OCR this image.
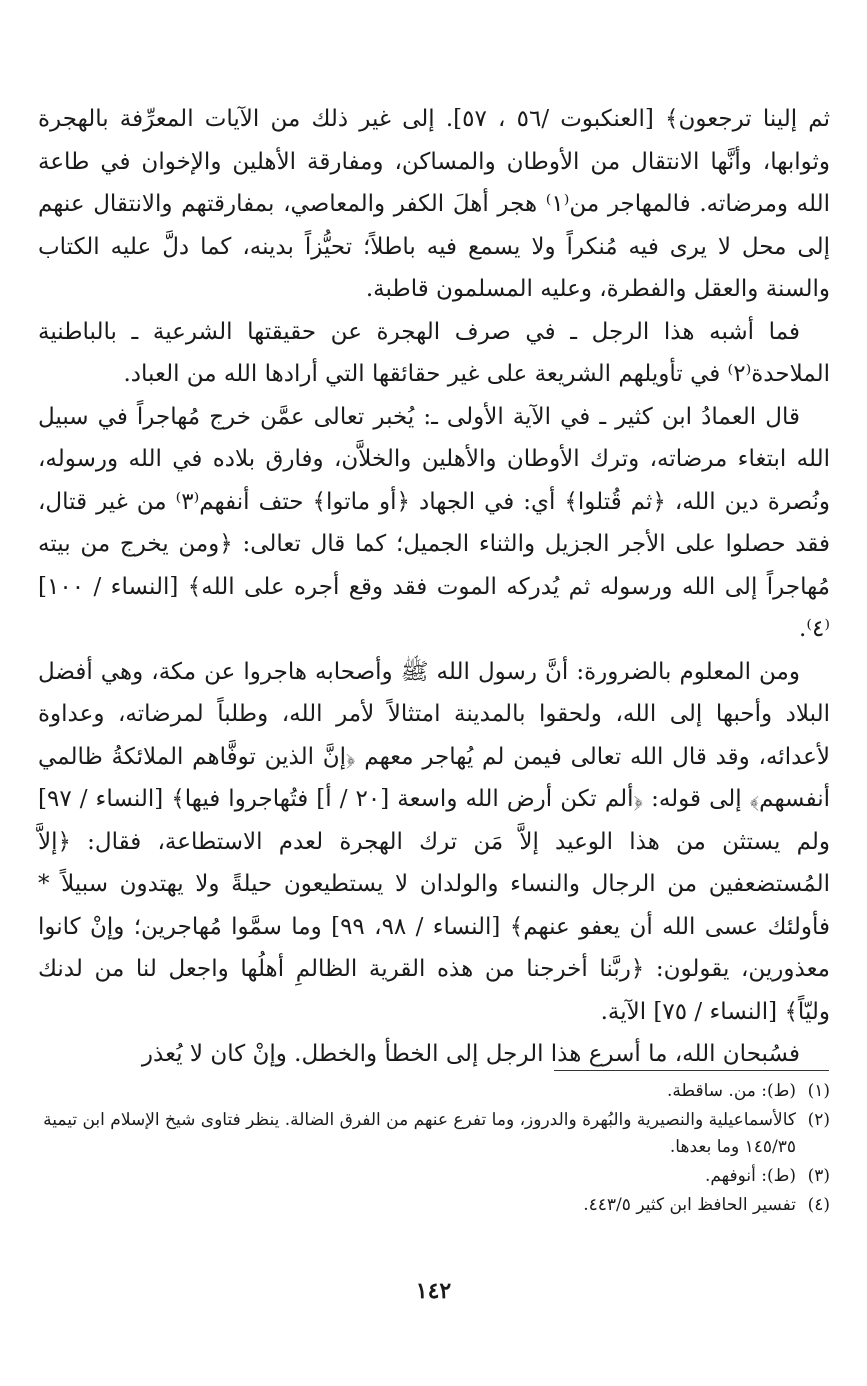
ثم إلينا ترجعون﴾ [العنكبوت /٥٦ ، ٥٧]. إلى غير ذلك من الآيات المعرِّفة بالهجرة وثوابها، وأنَّها الانتقال من الأوطان والمساكن، ومفارقة الأهلين والإخوان في طاعة الله ومرضاته. فالمهاجر من⁽١⁾ هجر أهلَ الكفر والمعاصي، بمفارقتهم والانتقال عنهم إلى محل لا يرى فيه مُنكراً ولا يسمع فيه باطلاً؛ تحيُّزاً بدينه، كما دلَّ عليه الكتاب والسنة والعقل والفطرة، وعليه المسلمون قاطبة.

فما أشبه هذا الرجل ـ في صرف الهجرة عن حقيقتها الشرعية ـ بالباطنية الملاحدة⁽٢⁾ في تأويلهم الشريعة على غير حقائقها التي أرادها الله من العباد.

قال العمادُ ابن كثير ـ في الآية الأولى ـ: يُخبر تعالى عمَّن خرج مُهاجراً في سبيل الله ابتغاء مرضاته، وترك الأوطان والأهلين والخلاَّن، وفارق بلاده في الله ورسوله، ونُصرة دين الله، ﴿ثم قُتلوا﴾ أي: في الجهاد ﴿أو ماتوا﴾ حتف أنفهم⁽٣⁾ من غير قتال، فقد حصلوا على الأجر الجزيل والثناء الجميل؛ كما قال تعالى: ﴿ومن يخرج من بيته مُهاجراً إلى الله ورسوله ثم يُدركه الموت فقد وقع أجره على الله﴾ [النساء / ١٠٠]⁽٤⁾.

ومن المعلوم بالضرورة: أنَّ رسول الله ﷺ وأصحابه هاجروا عن مكة، وهي أفضل البلاد وأحبها إلى الله، ولحقوا بالمدينة امتثالاً لأمر الله، وطلباً لمرضاته، وعداوة لأعدائه، وقد قال الله تعالى فيمن لم يُهاجر معهم ﴿إنَّ الذين توفَّاهم الملائكةُ ظالمي أنفسهم﴾ إلى قوله: ﴿ألم تكن أرض الله واسعة [٢٠ / أ] فتُهاجروا فيها﴾ [النساء / ٩٧] ولم يستثن من هذا الوعيد إلاَّ مَن ترك الهجرة لعدم الاستطاعة، فقال: ﴿إلاَّ المُستضعفين من الرجال والنساء والولدان لا يستطيعون حيلةً ولا يهتدون سبيلاً * فأولئك عسى الله أن يعفو عنهم﴾ [النساء / ٩٨، ٩٩] وما سمَّوا مُهاجرين؛ وإنْ كانوا معذورين، يقولون: ﴿ربَّنا أخرجنا من هذه القرية الظالمِ أهلُها واجعل لنا من لدنك وليّاً﴾ [النساء / ٧٥] الآية.

فسُبحان الله، ما أسرع هذا الرجل إلى الخطأ والخطل. وإنْ كان لا يُعذر

(١)
(ط): من. ساقطة.
(٢)
كالأسماعيلية والنصيرية والبُهرة والدروز، وما تفرع عنهم من الفرق الضالة. ينظر فتاوى شيخ الإسلام ابن تيمية ١٤٥/٣٥ وما بعدها.
(٣)
(ط): أنوفهم.
(٤)
تفسير الحافظ ابن كثير ٤٤٣/٥.
١٤٢
